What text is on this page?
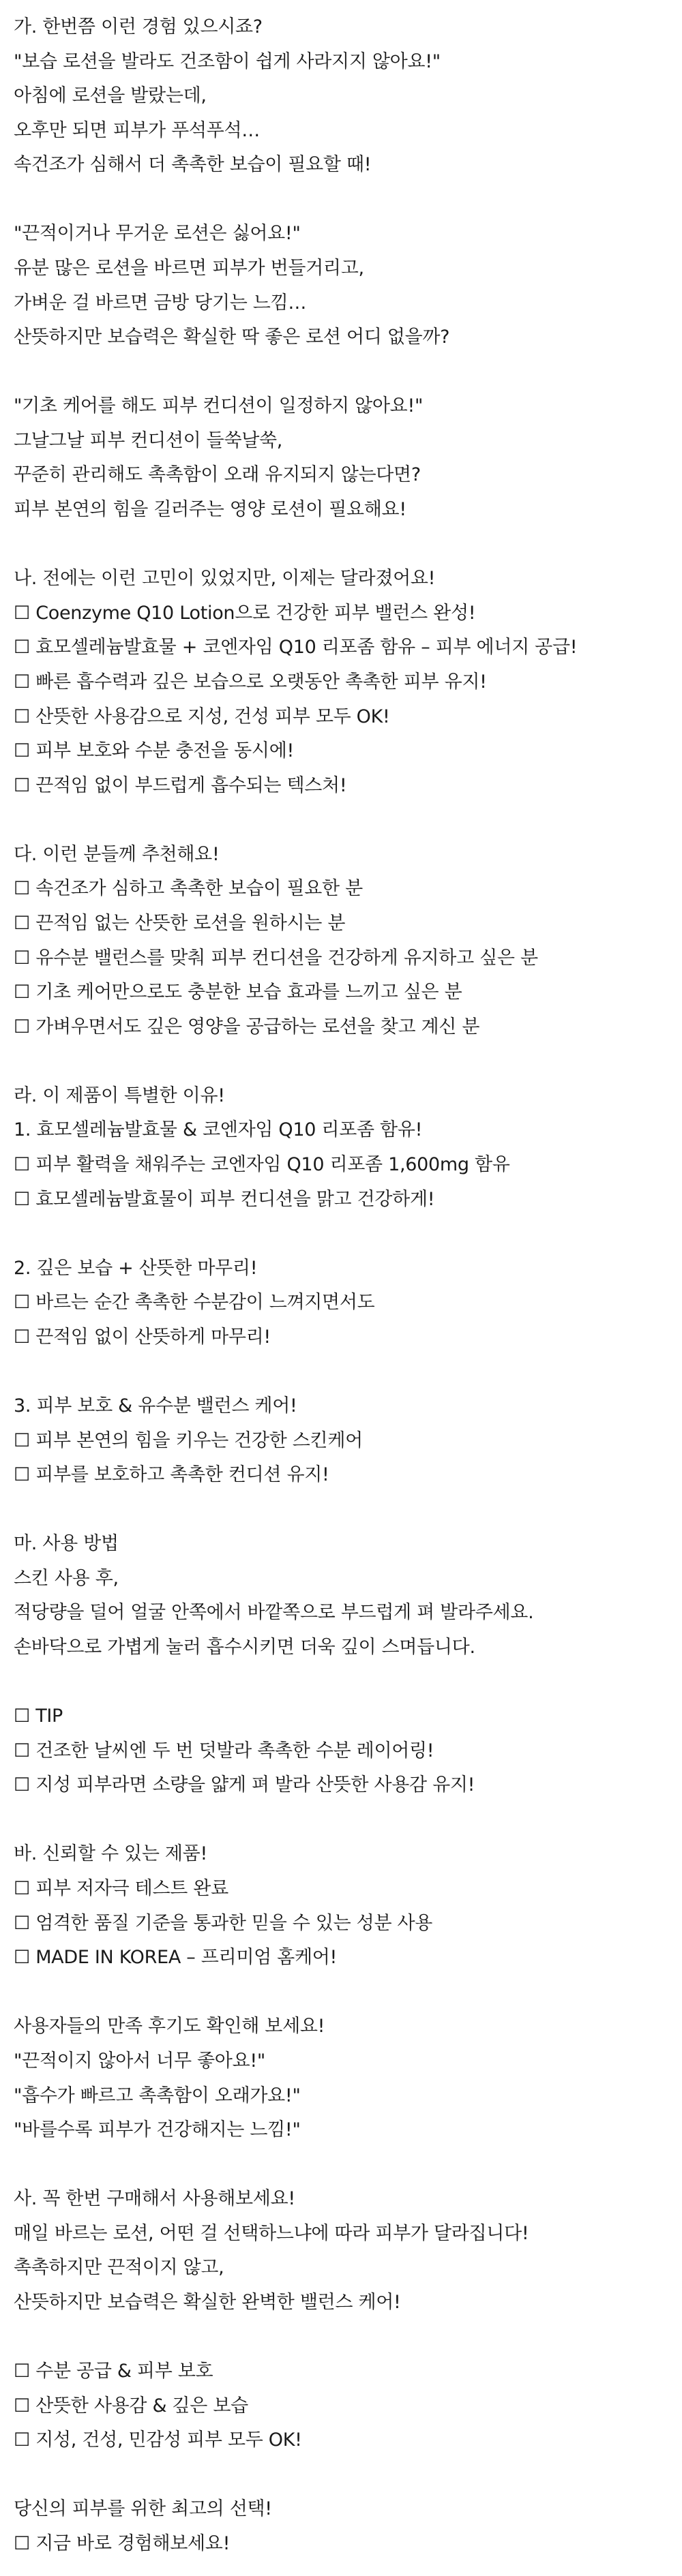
가. 한번쯤 이런 경험 있으시죠?
"보습 로션을 발라도 건조함이 쉽게 사라지지 않아요!"
아침에 로션을 발랐는데,
오후만 되면 피부가 푸석푸석…
속건조가 심해서 더 촉촉한 보습이 필요할 때!
"끈적이거나 무거운 로션은 싫어요!"
유분 많은 로션을 바르면 피부가 번들거리고,
가벼운 걸 바르면 금방 당기는 느낌…
산뜻하지만 보습력은 확실한 딱 좋은 로션 어디 없을까?
"기초 케어를 해도 피부 컨디션이 일정하지 않아요!"
그날그날 피부 컨디션이 들쑥날쑥,
꾸준히 관리해도 촉촉함이 오래 유지되지 않는다면?
피부 본연의 힘을 길러주는 영양 로션이 필요해요!
나. 전에는 이런 고민이 있었지만, 이제는 달라졌어요!
☐ Coenzyme Q10 Lotion으로 건강한 피부 밸런스 완성!
☐ 효모셀레늄발효물 + 코엔자임 Q10 리포좀 함유 – 피부 에너지 공급!
☐ 빠른 흡수력과 깊은 보습으로 오랫동안 촉촉한 피부 유지!
☐ 산뜻한 사용감으로 지성, 건성 피부 모두 OK!
☐ 피부 보호와 수분 충전을 동시에!
☐ 끈적임 없이 부드럽게 흡수되는 텍스처!
다. 이런 분들께 추천해요!
☐ 속건조가 심하고 촉촉한 보습이 필요한 분
☐ 끈적임 없는 산뜻한 로션을 원하시는 분
☐ 유수분 밸런스를 맞춰 피부 컨디션을 건강하게 유지하고 싶은 분
☐ 기초 케어만으로도 충분한 보습 효과를 느끼고 싶은 분
☐ 가벼우면서도 깊은 영양을 공급하는 로션을 찾고 계신 분
라. 이 제품이 특별한 이유!
1. 효모셀레늄발효물 & 코엔자임 Q10 리포좀 함유!
☐ 피부 활력을 채워주는 코엔자임 Q10 리포좀 1,600mg 함유
☐ 효모셀레늄발효물이 피부 컨디션을 맑고 건강하게!
2. 깊은 보습 + 산뜻한 마무리!
☐ 바르는 순간 촉촉한 수분감이 느껴지면서도
☐ 끈적임 없이 산뜻하게 마무리!
3. 피부 보호 & 유수분 밸런스 케어!
☐ 피부 본연의 힘을 키우는 건강한 스킨케어
☐ 피부를 보호하고 촉촉한 컨디션 유지!
마. 사용 방법
스킨 사용 후,
적당량을 덜어 얼굴 안쪽에서 바깥쪽으로 부드럽게 펴 발라주세요.
손바닥으로 가볍게 눌러 흡수시키면 더욱 깊이 스며듭니다.
☐ TIP
☐ 건조한 날씨엔 두 번 덧발라 촉촉한 수분 레이어링!
☐ 지성 피부라면 소량을 얇게 펴 발라 산뜻한 사용감 유지!
바. 신뢰할 수 있는 제품!
☐ 피부 저자극 테스트 완료
☐ 엄격한 품질 기준을 통과한 믿을 수 있는 성분 사용
☐ MADE IN KOREA – 프리미엄 홈케어!
사용자들의 만족 후기도 확인해 보세요!
"끈적이지 않아서 너무 좋아요!"
"흡수가 빠르고 촉촉함이 오래가요!"
"바를수록 피부가 건강해지는 느낌!"
사. 꼭 한번 구매해서 사용해보세요!
매일 바르는 로션, 어떤 걸 선택하느냐에 따라 피부가 달라집니다!
촉촉하지만 끈적이지 않고,
산뜻하지만 보습력은 확실한 완벽한 밸런스 케어!
☐ 수분 공급 & 피부 보호
☐ 산뜻한 사용감 & 깊은 보습
☐ 지성, 건성, 민감성 피부 모두 OK!
당신의 피부를 위한 최고의 선택!
☐ 지금 바로 경험해보세요!
